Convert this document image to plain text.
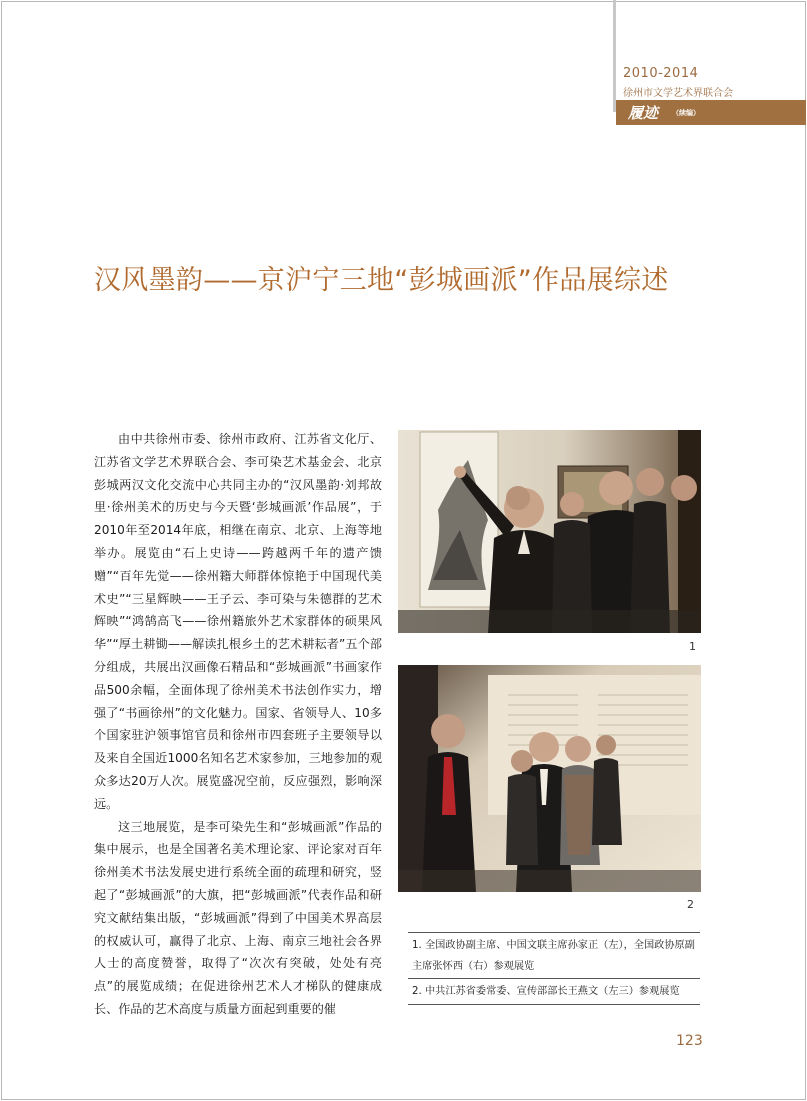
2010-2014
徐州市文学艺术界联合会
履迹 （续编）
汉风墨韵——京沪宁三地“彭城画派”作品展综述

由中共徐州市委、徐州市政府、江苏省文化厅、江苏省文学艺术界联合会、李可染艺术基金会、北京彭城两汉文化交流中心共同主办的“汉风墨韵·刘邦故里·徐州美术的历史与今天暨‘彭城画派’作品展”，于2010年至2014年底，相继在南京、北京、上海等地举办。展览由“石上史诗——跨越两千年的遗产馈赠”“百年先觉——徐州籍大师群体惊艳于中国现代美术史”“三星辉映——王子云、李可染与朱德群的艺术辉映”“鸿鹄高飞——徐州籍旅外艺术家群体的硕果风华”“厚土耕锄——解读扎根乡土的艺术耕耘者”五个部分组成，共展出汉画像石精品和“彭城画派”书画家作品500余幅，全面体现了徐州美术书法创作实力，增强了“书画徐州”的文化魅力。国家、省领导人、10多个国家驻沪领事馆官员和徐州市四套班子主要领导以及来自全国近1000名知名艺术家参加，三地参加的观众多达20万人次。展览盛况空前，反应强烈，影响深远。

这三地展览，是李可染先生和“彭城画派”作品的集中展示，也是全国著名美术理论家、评论家对百年徐州美术书法发展史进行系统全面的疏理和研究，竖起了“彭城画派”的大旗，把“彭城画派”代表作品和研究文献结集出版，“彭城画派”得到了中国美术界高层的权威认可，赢得了北京、上海、南京三地社会各界人士的高度赞誉，取得了“次次有突破，处处有亮点”的展览成绩；在促进徐州艺术人才梯队的健康成长、作品的艺术高度与质量方面起到重要的催

1
2
1. 全国政协副主席、中国文联主席孙家正（左），全国政协原副主席张怀西（右）参观展览
2. 中共江苏省委常委、宣传部部长王燕文（左三）参观展览
123
